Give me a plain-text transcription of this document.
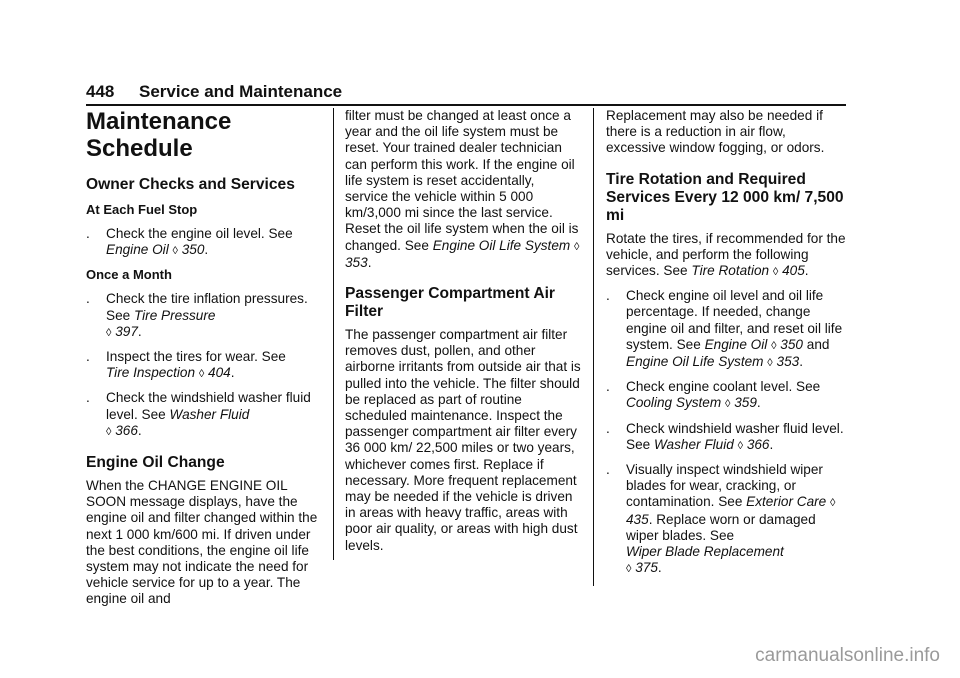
448 Service and Maintenance
Maintenance
Schedule
Owner Checks and Services
At Each Fuel Stop

. Check the engine oil level. See
Engine Oil ◊ 350.

Once a Month

. Check the tire inflation pressures. See Tire Pressure
◊ 397.

. Inspect the tires for wear. See
Tire Inspection ◊ 404.

. Check the windshield washer fluid level. See Washer Fluid
◊ 366.

Engine Oil Change

When the CHANGE ENGINE OIL SOON message displays, have the engine oil and filter changed within the next 1 000 km/600 mi. If driven under the best conditions, the engine oil life system may not indicate the need for vehicle service for up to a year. The engine oil and

filter must be changed at least once a year and the oil life system must be reset. Your trained dealer technician can perform this work. If the engine oil life system is reset accidentally, service the vehicle within 5 000 km/3,000 mi since the last service. Reset the oil life system when the oil is changed. See Engine Oil Life System ◊ 353.

Passenger Compartment Air Filter

The passenger compartment air filter removes dust, pollen, and other airborne irritants from outside air that is pulled into the vehicle. The filter should be replaced as part of routine scheduled maintenance. Inspect the passenger compartment air filter every 36 000 km/ 22,500 miles or two years, whichever comes first. Replace if necessary. More frequent replacement may be needed if the vehicle is driven in areas with heavy traffic, areas with poor air quality, or areas with high dust levels.

Replacement may also be needed if there is a reduction in air flow, excessive window fogging, or odors.

Tire Rotation and Required Services Every 12 000 km/ 7,500 mi

Rotate the tires, if recommended for the vehicle, and perform the following services. See Tire Rotation ◊ 405.

. Check engine oil level and oil life percentage. If needed, change engine oil and filter, and reset oil life system. See Engine Oil ◊ 350 and Engine Oil Life System ◊ 353.

. Check engine coolant level. See
Cooling System ◊ 359.

. Check windshield washer fluid level. See Washer Fluid ◊ 366.

. Visually inspect windshield wiper blades for wear, cracking, or contamination. See Exterior Care ◊ 435. Replace worn or damaged wiper blades. See
Wiper Blade Replacement
◊ 375.

carmanualsonline.info
